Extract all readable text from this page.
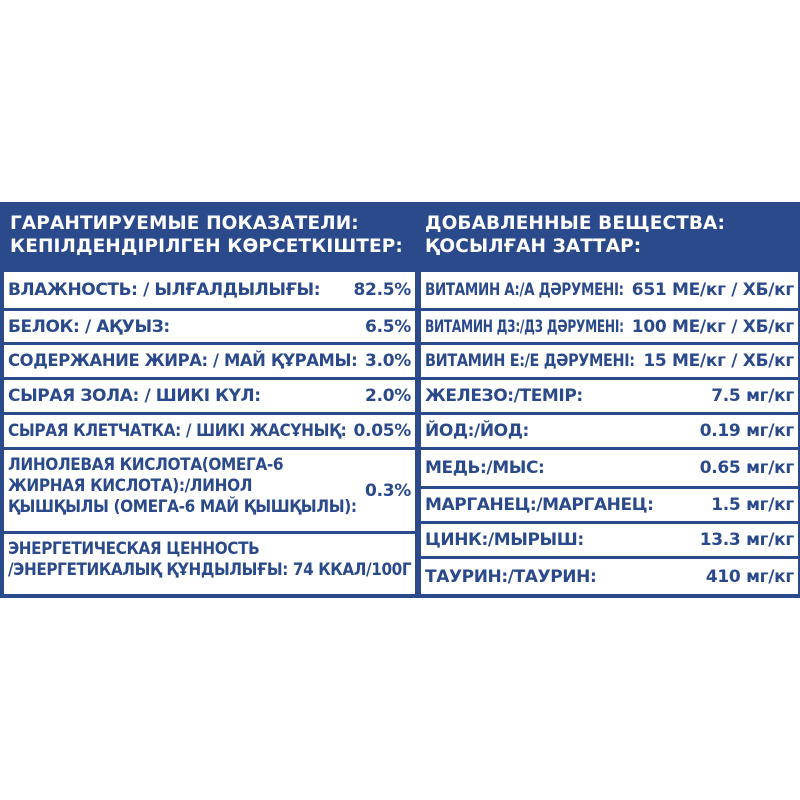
ГАРАНТИРУЕМЫЕ ПОКАЗАТЕЛИ:
КЕПІЛДЕНДІРІЛГЕН КӨРСЕТКІШТЕР:
ВЛАЖНОСТЬ: / ЫЛҒАЛДЫЛЫҒЫ: 82.5%
БЕЛОК: / АҚУЫЗ:	6.5%
СОДЕРЖАНИЕ ЖИРА: / МАЙ ҚҰРАМЫ: 3.0%
СЫРАЯ ЗОЛА: / ШИКІ КҮЛ:	2.0%
СЫРАЯ КЛЕТЧАТКА: / ШИКІ ЖАСҰНЫҚ: 0.05%
ЛИНОЛЕВАЯ КИСЛОТА(ОМЕГА-6
ЖИРНАЯ КИСЛОТА):/ЛИНОЛ
ҚЫШҚЫЛЫ (ОМЕГА-6 МАЙ ҚЫШҚЫЛЫ):
0.3%
ЭНЕРГЕТИЧЕСКАЯ ЦЕННОСТЬ
/ЭНЕРГЕТИКАЛЫҚ ҚҰНДЫЛЫҒЫ: 74 ККАЛ/100Г
ДОБАВЛЕННЫЕ ВЕЩЕСТВА:
ҚОСЫЛҒАН ЗАТТАР:
ВИТАМИН А:/А ДӘРУМЕНІ: 651 МЕ/кг / ХБ/кг
ВИТАМИН Д3:/Д3 ДӘРУМЕНІ: 100 МЕ/кг / ХБ/кг
ВИТАМИН Е:/Е ДӘРУМЕНІ: 15 МЕ/кг / ХБ/кг
ЖЕЛЕЗО:/ТЕМІР:	7.5 мг/кг
ЙОД:/ЙОД:	0.19 мг/кг
МЕДЬ:/МЫС:	0.65 мг/кг
МАРГАНЕЦ:/МАРГАНЕЦ:	1.5 мг/кг
ЦИНК:/МЫРЫШ:	13.3 мг/кг
ТАУРИН:/ТАУРИН:	410 мг/кг
